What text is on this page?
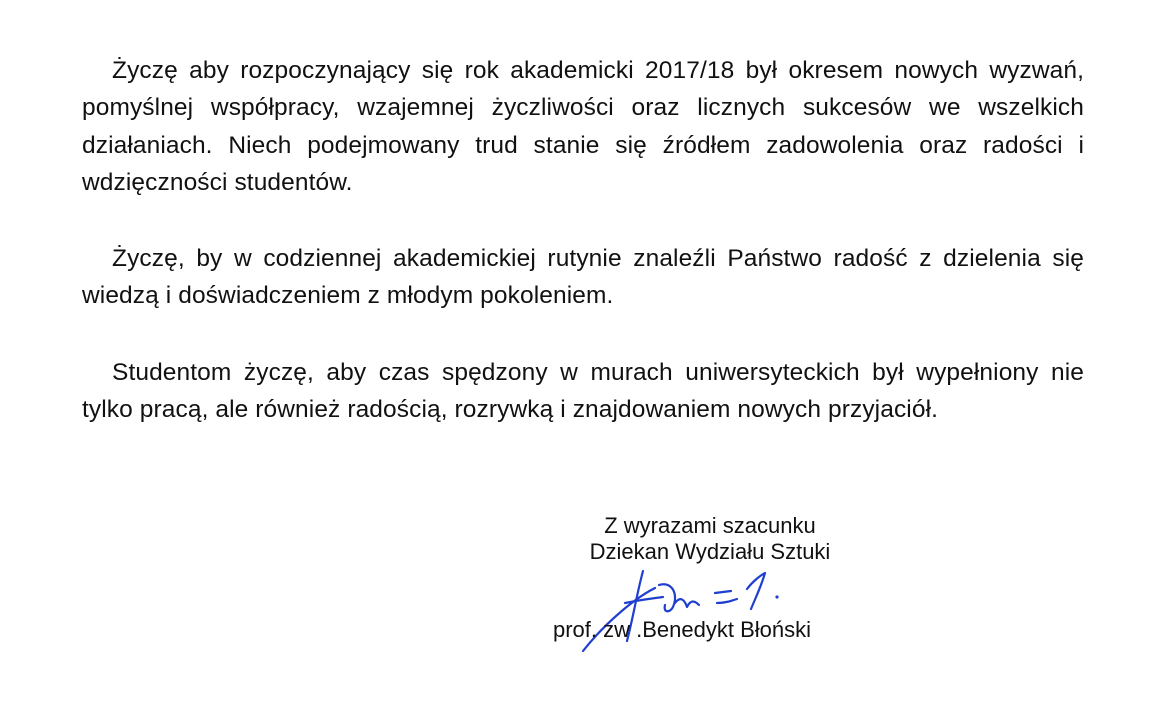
Życzę aby rozpoczynający się rok akademicki 2017/18 był okresem nowych wyzwań, pomyślnej współpracy, wzajemnej życzliwości oraz licznych sukcesów we wszelkich działaniach. Niech podejmowany trud stanie się źródłem zadowolenia oraz radości i wdzięczności studentów.

Życzę, by w codziennej akademickiej rutynie znaleźli Państwo radość z dzielenia się wiedzą i doświadczeniem z młodym pokoleniem.

Studentom życzę, aby czas spędzony w murach uniwersyteckich był wypełniony nie tylko pracą, ale również radością, rozrywką i znajdowaniem nowych przyjaciół.

Z wyrazami szacunku
Dziekan Wydziału Sztuki
prof. zw .Benedykt Błoński
